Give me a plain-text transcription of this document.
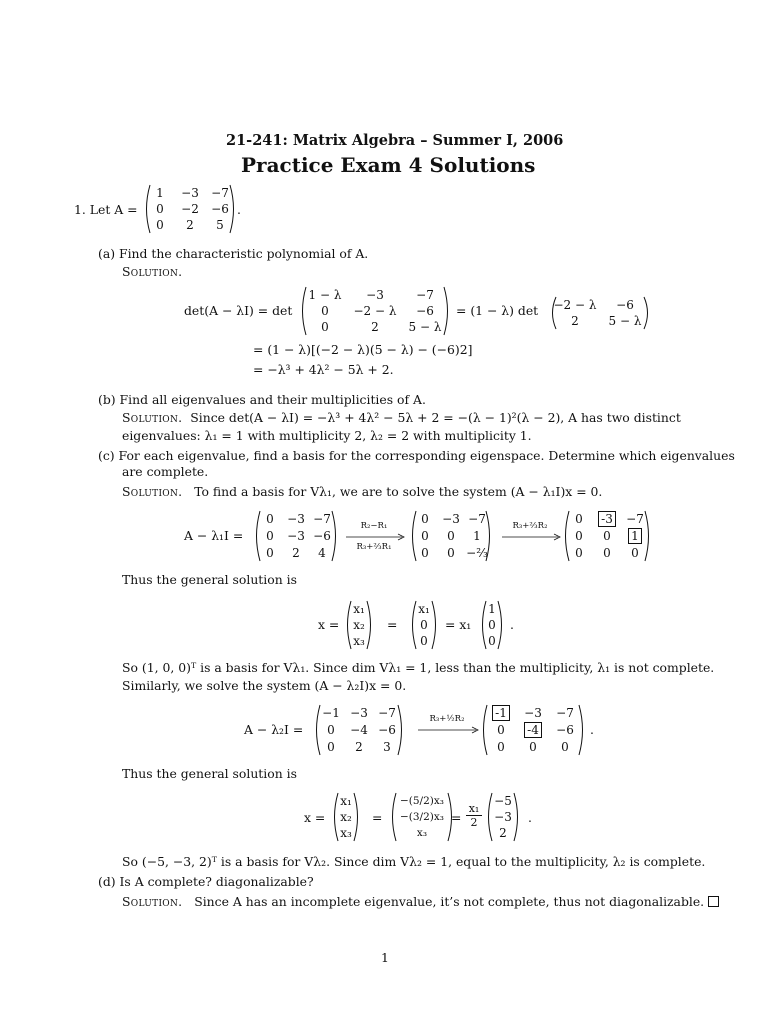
21-241: Matrix Algebra – Summer I, 2006
Practice Exam 4 Solutions
1. Let A =
1	−3	−7
0	−2	−6
0	2	5
.
(a) Find the characteristic polynomial of A.
Solution.
det(A − λI) = det
1 − λ	−3	−7
0	−2 − λ	−6
0	2	5 − λ
= (1 − λ) det −2 − λ	−6
2	5 − λ
= (1 − λ)[(−2 − λ)(5 − λ) − (−6)2]
= −λ³ + 4λ² − 5λ + 2.
(b) Find all eigenvalues and their multiplicities of A.
Solution. Since det(A − λI) = −λ³ + 4λ² − 5λ + 2 = −(λ − 1)²(λ − 2), A has two distinct
eigenvalues: λ₁ = 1 with multiplicity 2, λ₂ = 2 with multiplicity 1.
(c) For each eigenvalue, find a basis for the corresponding eigenspace. Determine which eigenvalues
are complete.
Solution. To find a basis for Vλ₁, we are to solve the system (A − λ₁I)x = 0.
A − λ₁I =
0	−3 −7
0	−3 −6
0	2	4
R₂−R₁
R₃+⅔R₁
0	−3 −7
0	0	1
0	0 −⅔
R₃+⅔R₂
0	-3	−7
0	0	1
0	0	0
Thus the general solution is
x =
x₁
x₂
x₃
=
x₁
0
0
= x₁
1
0
0
.
So (1, 0, 0)ᵀ is a basis for Vλ₁. Since dim Vλ₁ = 1, less than the multiplicity, λ₁ is not complete.
Similarly, we solve the system (A − λ₂I)x = 0.
A − λ₂I =
−1 −3 −7
0	−4 −6
0	2	3
R₃+½R₂	-1	−3	−7
0	-4	−6
0	0	0
.
Thus the general solution is
x =
x₁
x₂
x₃
=
−(5/2)x₃
−(3/2)x₃
x₃
= $\frac{\text{x₁}}{2}$
−5
−3
2
.
So (−5, −3, 2)ᵀ is a basis for Vλ₂. Since dim Vλ₂ = 1, equal to the multiplicity, λ₂ is complete.
(d) Is A complete? diagonalizable?
Solution. Since A has an incomplete eigenvalue, it’s not complete, thus not diagonalizable.
1
